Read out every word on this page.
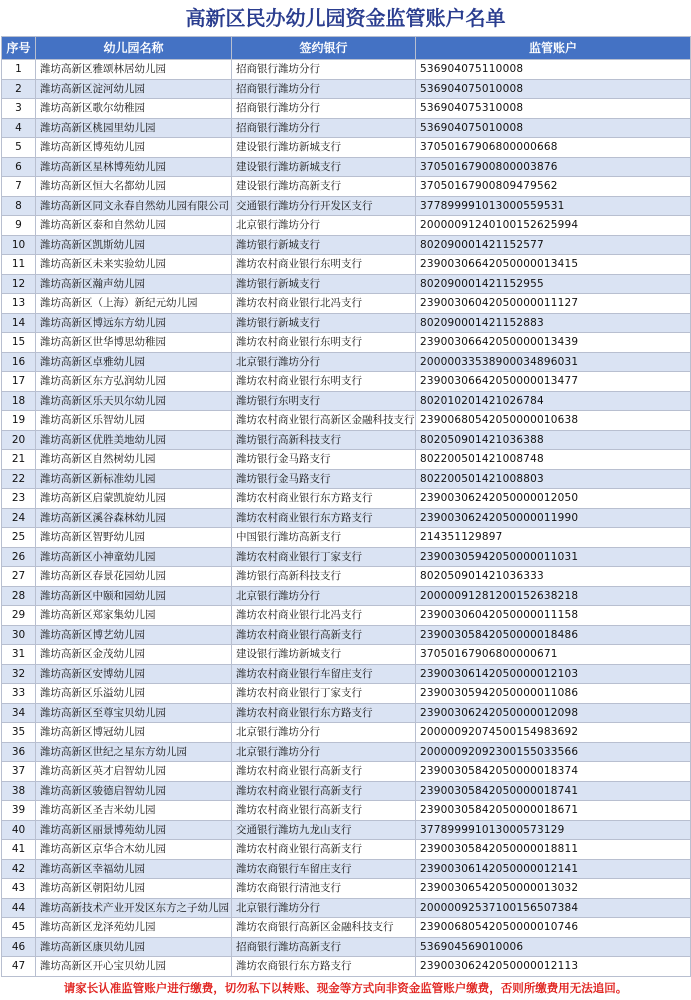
高新区民办幼儿园资金监管账户名单
序号	幼儿园名称	签约银行	监管账户
1	潍坊高新区雅颂林居幼儿园	招商银行潍坊分行	536904075110008
2	潍坊高新区淀河幼儿园	招商银行潍坊分行	536904075010008
3	潍坊高新区歌尔幼稚园	招商银行潍坊分行	536904075310008
4	潍坊高新区桃园里幼儿园	招商银行潍坊分行	536904075010008
5	潍坊高新区博苑幼儿园	建设银行潍坊新城支行	37050167906800000668
6	潍坊高新区星林博苑幼儿园	建设银行潍坊新城支行	37050167900800003876
7	潍坊高新区恒大名都幼儿园	建设银行潍坊高新支行	37050167900809479562
8	潍坊高新区同文永春自然幼儿园有限公司	交通银行潍坊分行开发区支行	377899991013000559531
9	潍坊高新区泰和自然幼儿园	北京银行潍坊分行	20000091240100152625994
10	潍坊高新区凯斯幼儿园	潍坊银行新城支行	802090001421152577
11	潍坊高新区未来实验幼儿园	潍坊农村商业银行东明支行	23900306642050000013415
12	潍坊高新区瀚声幼儿园	潍坊银行新城支行	802090001421152955
13	潍坊高新区（上海）新纪元幼儿园	潍坊农村商业银行北冯支行	23900306042050000011127
14	潍坊高新区博远东方幼儿园	潍坊银行新城支行	802090001421152883
15	潍坊高新区世华博思幼稚园	潍坊农村商业银行东明支行	23900306642050000013439
16	潍坊高新区卓雅幼儿园	北京银行潍坊分行	20000033538900034896031
17	潍坊高新区东方弘润幼儿园	潍坊农村商业银行东明支行	23900306642050000013477
18	潍坊高新区乐天贝尔幼儿园	潍坊银行东明支行	802010201421026784
19	潍坊高新区乐智幼儿园	潍坊农村商业银行高新区金融科技支行	23900680542050000010638
20	潍坊高新区优胜美地幼儿园	潍坊银行高新科技支行	802050901421036388
21	潍坊高新区自然树幼儿园	潍坊银行金马路支行	802200501421008748
22	潍坊高新区新标准幼儿园	潍坊银行金马路支行	802200501421008803
23	潍坊高新区启蒙凯旋幼儿园	潍坊农村商业银行东方路支行	23900306242050000012050
24	潍坊高新区溪谷森林幼儿园	潍坊农村商业银行东方路支行	23900306242050000011990
25	潍坊高新区智野幼儿园	中国银行潍坊高新支行	214351129897
26	潍坊高新区小神童幼儿园	潍坊农村商业银行丁家支行	23900305942050000011031
27	潍坊高新区春景花园幼儿园	潍坊银行高新科技支行	802050901421036333
28	潍坊高新区中颐和园幼儿园	北京银行潍坊分行	20000091281200152638218
29	潍坊高新区郑家集幼儿园	潍坊农村商业银行北冯支行	23900306042050000011158
30	潍坊高新区博艺幼儿园	潍坊农村商业银行高新支行	23900305842050000018486
31	潍坊高新区金茂幼儿园	建设银行潍坊新城支行	37050167906800000671
32	潍坊高新区安博幼儿园	潍坊农村商业银行车留庄支行	23900306142050000012103
33	潍坊高新区乐溢幼儿园	潍坊农村商业银行丁家支行	23900305942050000011086
34	潍坊高新区至尊宝贝幼儿园	潍坊农村商业银行东方路支行	23900306242050000012098
35	潍坊高新区博冠幼儿园	北京银行潍坊分行	20000092074500154983692
36	潍坊高新区世纪之星东方幼儿园	北京银行潍坊分行	20000092092300155033566
37	潍坊高新区英才启智幼儿园	潍坊农村商业银行高新支行	23900305842050000018374
38	潍坊高新区骏德启智幼儿园	潍坊农村商业银行高新支行	23900305842050000018741
39	潍坊高新区圣吉米幼儿园	潍坊农村商业银行高新支行	23900305842050000018671
40	潍坊高新区丽景博苑幼儿园	交通银行潍坊九龙山支行	377899991013000573129
41	潍坊高新区京华合木幼儿园	潍坊农村商业银行高新支行	23900305842050000018811
42	潍坊高新区幸福幼儿园	潍坊农商银行车留庄支行	23900306142050000012141
43	潍坊高新区朝阳幼儿园	潍坊农商银行清池支行	23900306542050000013032
44	潍坊高新技术产业开发区东方之子幼儿园	北京银行潍坊分行	20000092537100156507384
45	潍坊高新区龙泽苑幼儿园	潍坊农商银行高新区金融科技支行	23900680542050000010746
46	潍坊高新区康贝幼儿园	招商银行潍坊高新支行	536904569010006
47	潍坊高新区开心宝贝幼儿园	潍坊农商银行东方路支行	23900306242050000012113
请家长认准监管账户进行缴费，切勿私下以转账、现金等方式向非资金监管账户缴费，否则所缴费用无法追回。
